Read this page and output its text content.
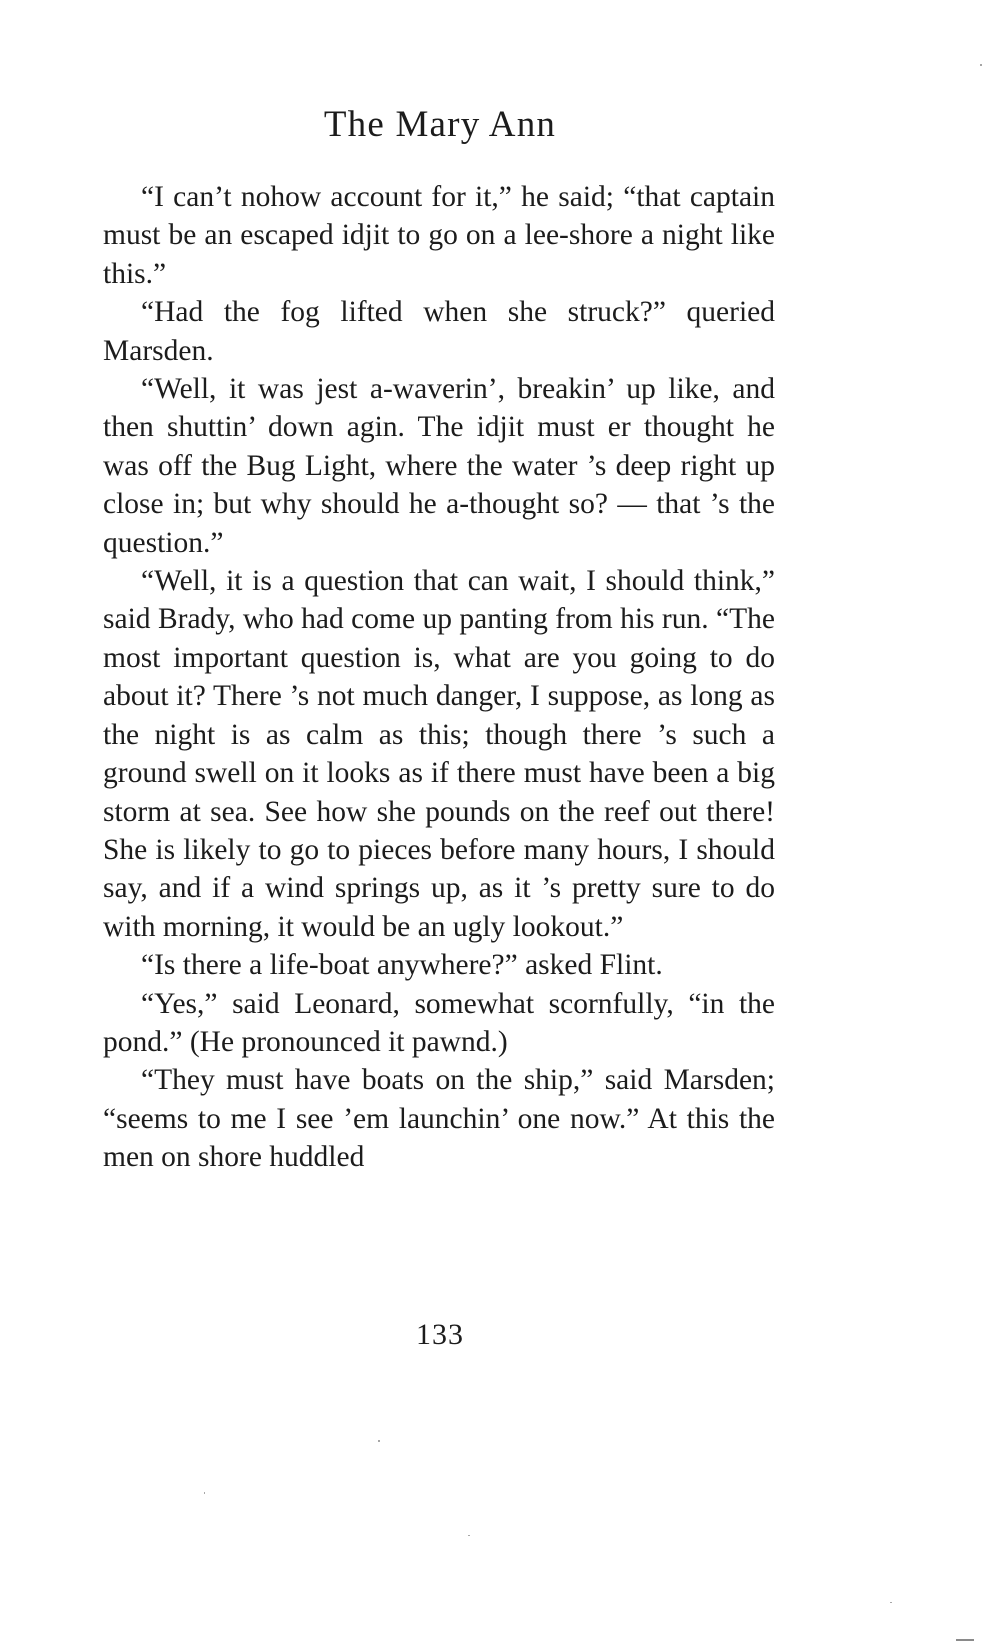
The Mary Ann

“I can’t nohow account for it,” he said; “that captain must be an escaped idjit to go on a lee-shore a night like this.”

“Had the fog lifted when she struck?” queried Marsden.

“Well, it was jest a-waverin’, breakin’ up like, and then shuttin’ down agin. The idjit must er thought he was off the Bug Light, where the water ’s deep right up close in; but why should he a-thought so? — that ’s the question.”

“Well, it is a question that can wait, I should think,” said Brady, who had come up panting from his run. “The most important question is, what are you going to do about it? There ’s not much danger, I suppose, as long as the night is as calm as this; though there ’s such a ground swell on it looks as if there must have been a big storm at sea. See how she pounds on the reef out there! She is likely to go to pieces before many hours, I should say, and if a wind springs up, as it ’s pretty sure to do with morning, it would be an ugly lookout.”

“Is there a life-boat anywhere?” asked Flint.

“Yes,” said Leonard, somewhat scornfully, “in the pond.” (He pronounced it pawnd.)

“They must have boats on the ship,” said Marsden; “seems to me I see ’em launchin’ one now.” At this the men on shore huddled

133
